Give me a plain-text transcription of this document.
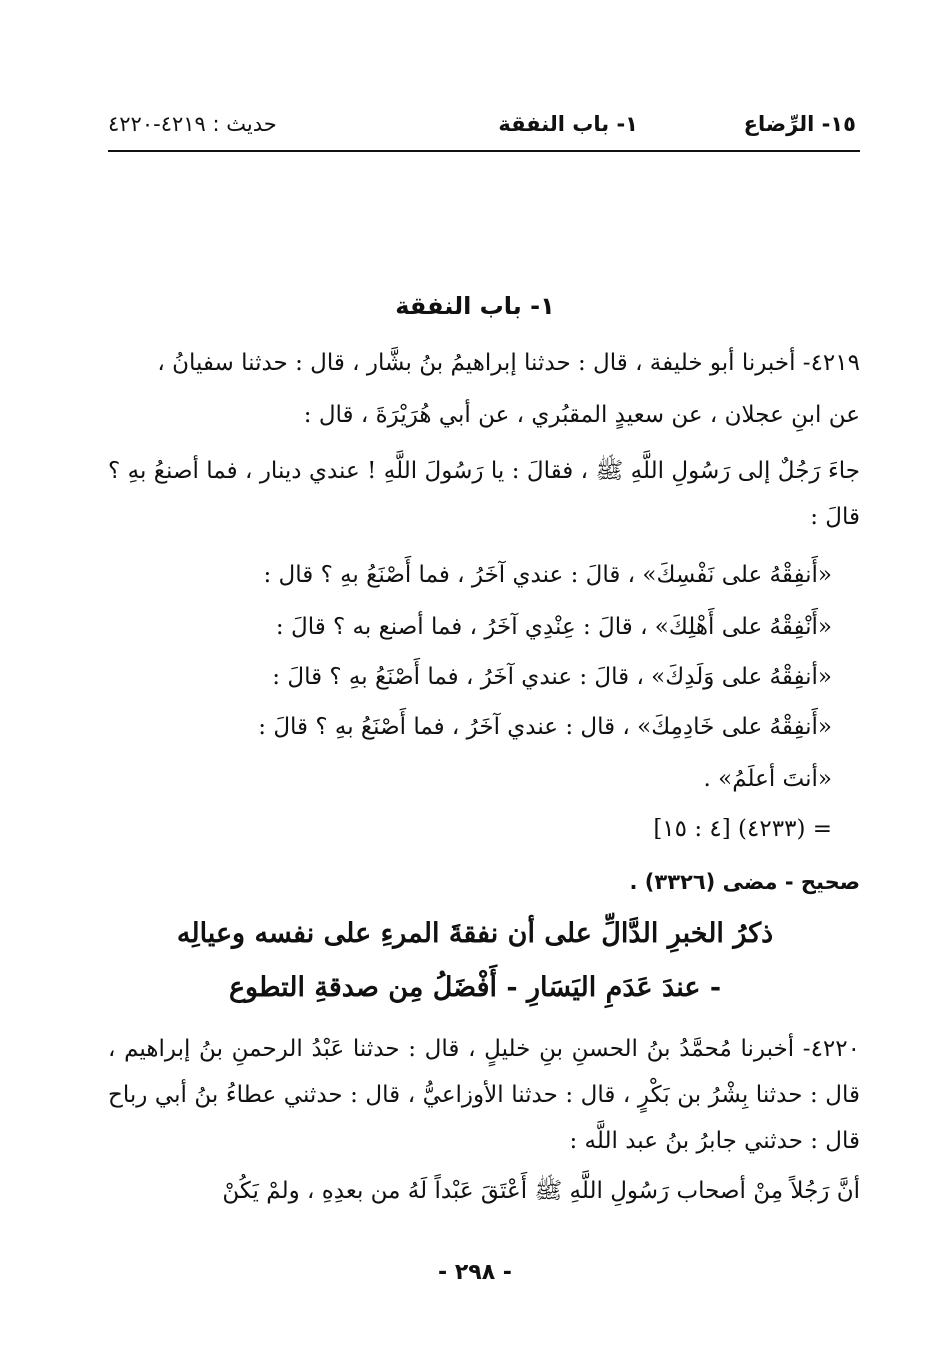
١٥- الرِّضاع
١- باب النفقة
حديث : ٤٢١٩-٤٢٢٠
١- باب النفقة
٤٢١٩- أخبرنا أبو خليفة ، قال : حدثنا إبراهيمُ بنُ بشَّار ، قال : حدثنا سفيانُ ،
عن ابنِ عجلان ، عن سعيدٍ المقبُري ، عن أبي هُرَيْرَةَ ، قال :
جاءَ رَجُلٌ إلى رَسُولِ اللَّهِ ﷺ ، فقالَ : يا رَسُولَ اللَّهِ ! عندي دينار ، فما أصنعُ بهِ ؟ قالَ :
«أَنفِقْهُ على نَفْسِكَ» ، قالَ : عندي آخَرُ ، فما أَصْنَعُ بهِ ؟ قال :
«أَنْفِقْهُ على أَهْلِكَ» ، قالَ : عِنْدِي آخَرُ ، فما أصنع به ؟ قالَ :
«أنفِقْهُ على وَلَدِكَ» ، قالَ : عندي آخَرُ ، فما أَصْنَعُ بهِ ؟ قالَ :
«أَنفِقْهُ على خَادِمِكَ» ، قال : عندي آخَرُ ، فما أَصْنَعُ بهِ ؟ قالَ :
«أنتَ أعلَمُ» .
= (٤٢٣٣) [٤ : ١٥]
صحيح - مضى (٣٣٢٦) .
ذكرُ الخبرِ الدَّالِّ على أن نفقةَ المرءِ على نفسه وعيالِه
- عندَ عَدَمِ اليَسَارِ - أَفْضَلُ مِن صدقةِ التطوع
٤٢٢٠- أخبرنا مُحمَّدُ بنُ الحسنِ بنِ خليلٍ ، قال : حدثنا عَبْدُ الرحمنِ بنُ إبراهيم ، قال : حدثنا بِشْرُ بن بَكْرٍ ، قال : حدثنا الأوزاعيُّ ، قال : حدثني عطاءُ بنُ أبي رباح قال : حدثني جابرُ بنُ عبد اللَّه :
أنَّ رَجُلاً مِنْ أصحاب رَسُولِ اللَّهِ ﷺ أَعْتَقَ عَبْداً لَهُ من بعدِهِ ، ولمْ يَكُنْ
- ٢٩٨ -
